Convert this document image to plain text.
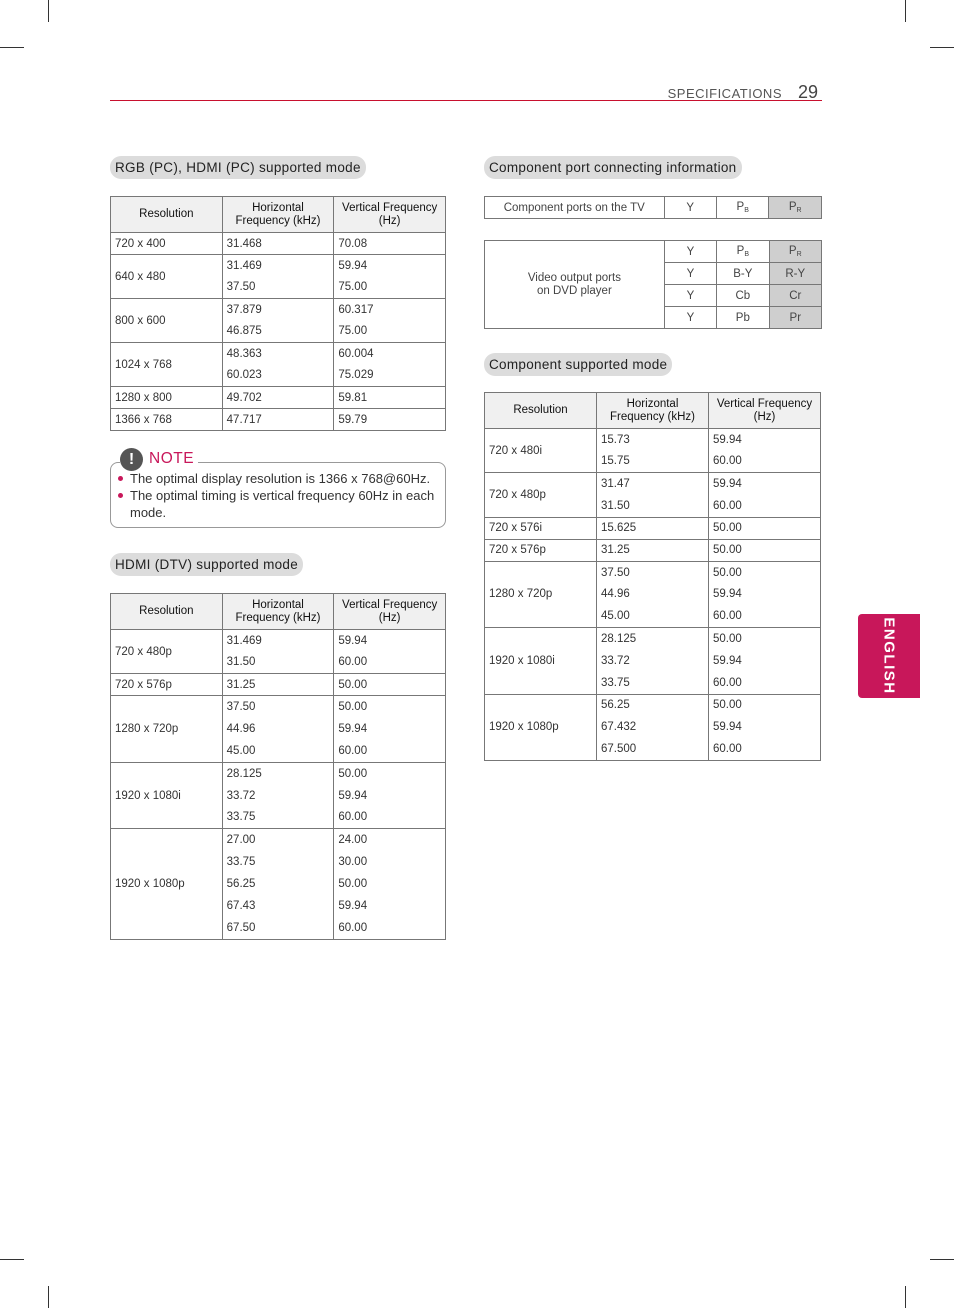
SPECIFICATIONS 29
ENGLISH
RGB (PC), HDMI (PC) supported mode
Resolution	Horizontal Frequency (kHz)	Vertical Frequency (Hz)
720 x 400	31.468	70.08
640 x 480	31.469	59.94
	37.50	75.00
800 x 600	37.879	60.317
	46.875	75.00
1024 x 768	48.363	60.004
	60.023	75.029
1280 x 800	49.702	59.81
1366 x 768	47.717	59.79
! NOTE
The optimal display resolution is 1366 x 768@60Hz.
The optimal timing is vertical frequency 60Hz in each mode.
HDMI (DTV) supported mode
Resolution	Horizontal Frequency (kHz)	Vertical Frequency (Hz)
720 x 480p	31.469	59.94
	31.50	60.00
720 x 576p	31.25	50.00
1280 x 720p	37.50	50.00
	44.96	59.94
	45.00	60.00
1920 x 1080i	28.125	50.00
	33.72	59.94
	33.75	60.00
1920 x 1080p	27.00	24.00
	33.75	30.00
	56.25	50.00
	67.43	59.94
	67.50	60.00
Component port connecting information
Component ports on the TV	Y	$P_B$	$P_R$
Video output ports on DVD player	Y	$P_B$	$P_R$
	Y	B-Y	R-Y
	Y	Cb	Cr
	Y	Pb	Pr
Component supported mode
Resolution	Horizontal Frequency (kHz)	Vertical Frequency (Hz)
720 x 480i	15.73	59.94
	15.75	60.00
720 x 480p	31.47	59.94
	31.50	60.00
720 x 576i	15.625	50.00
720 x 576p	31.25	50.00
1280 x 720p	37.50	50.00
	44.96	59.94
	45.00	60.00
1920 x 1080i	28.125	50.00
	33.72	59.94
	33.75	60.00
1920 x 1080p	56.25	50.00
	67.432	59.94
	67.500	60.00
